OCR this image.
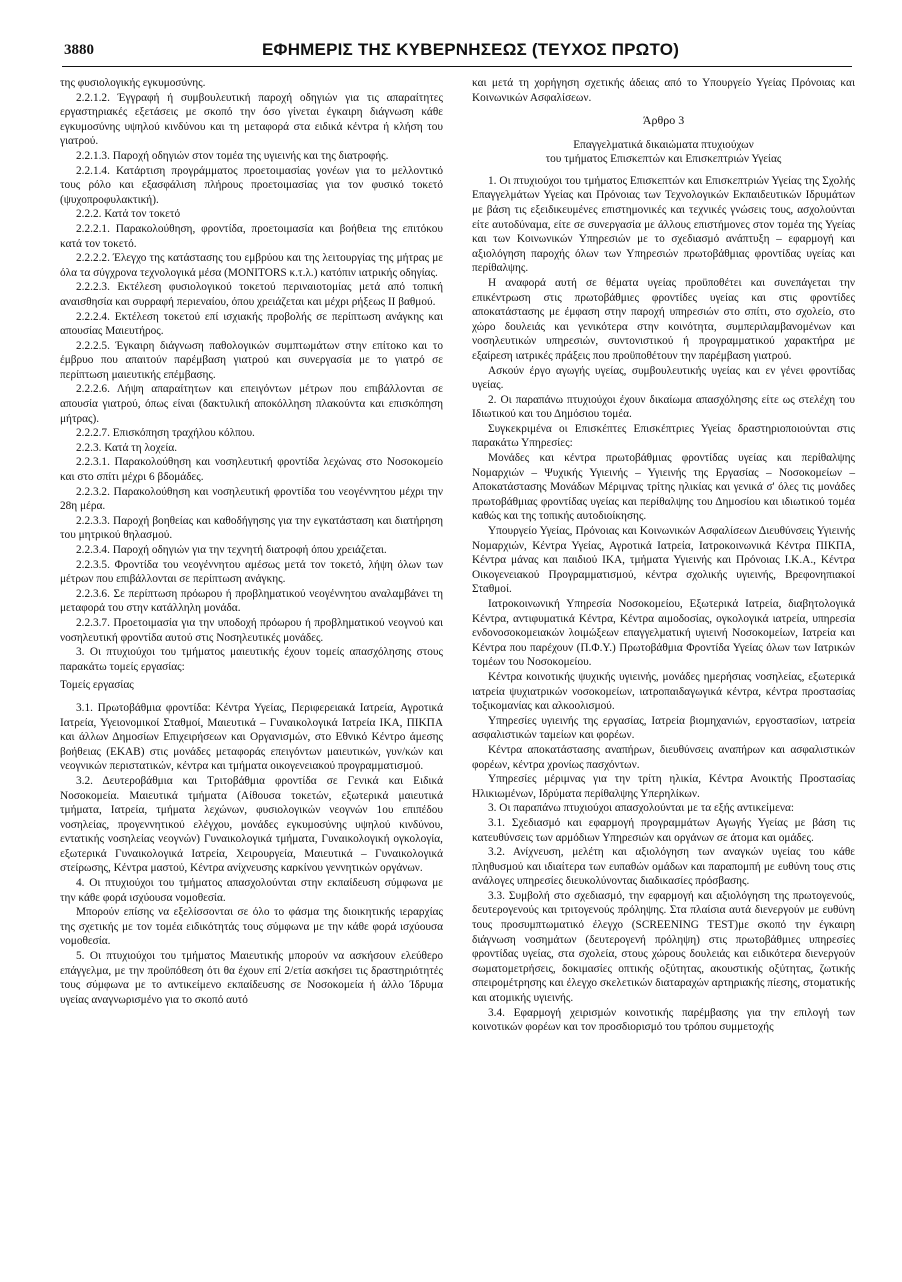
3880	ΕΦΗΜΕΡΙΣ ΤΗΣ ΚΥΒΕΡΝΗΣΕΩΣ (ΤΕΥΧΟΣ ΠΡΩΤΟ)

της φυσιολογικής εγκυμοσύνης.

2.2.1.2. Έγγραφή ή συμβουλευτική παροχή οδηγιών για τις απαραίτητες εργαστηριακές εξετάσεις με σκοπό την όσο γίνεται έγκαιρη διάγνωση κάθε εγκυμοσύνης υψηλού κινδύνου και τη μεταφορά στα ειδικά κέντρα ή κλήση του γιατρού.

2.2.1.3. Παροχή οδηγιών στον τομέα της υγιεινής και της διατροφής.

2.2.1.4. Κατάρτιση προγράμματος προετοιμασίας γονέων για το μελλοντικό τους ρόλο και εξασφάλιση πλήρους προετοιμασίας για τον φυσικό τοκετό (ψυχοπροφυλακτική).

2.2.2. Κατά τον τοκετό

2.2.2.1. Παρακολούθηση, φροντίδα, προετοιμασία και βοήθεια της επιτόκου κατά τον τοκετό.

2.2.2.2. Έλεγχο της κατάστασης του εμβρύου και της λειτουργίας της μήτρας με όλα τα σύγχρονα τεχνολογικά μέσα (MONITORS κ.τ.λ.) κατόπιν ιατρικής οδηγίας.

2.2.2.3. Εκτέλεση φυσιολογικού τοκετού περιναιοτομίας μετά από τοπική αναισθησία και συρραφή περιεναίου, όπου χρειάζεται και μέχρι ρήξεως ΙΙ βαθμού.

2.2.2.4. Εκτέλεση τοκετού επί ισχιακής προβολής σε περίπτωση ανάγκης και απουσίας Μαιευτήρος.

2.2.2.5. Έγκαιρη διάγνωση παθολογικών συμπτωμάτων στην επίτοκο και το έμβρυο που απαιτούν παρέμβαση γιατρού και συνεργασία με το γιατρό σε περίπτωση μαιευτικής επέμβασης.

2.2.2.6. Λήψη απαραίτητων και επειγόντων μέτρων που επιβάλλονται σε απουσία γιατρού, όπως είναι (δακτυλική αποκόλληση πλακούντα και επισκόπηση μήτρας).

2.2.2.7. Επισκόπηση τραχήλου κόλπου.

2.2.3. Κατά τη λοχεία.

2.2.3.1. Παρακολούθηση και νοσηλευτική φροντίδα λεχώνας στο Νοσοκομείο και στο σπίτι μέχρι 6 βδομάδες.

2.2.3.2. Παρακολούθηση και νοσηλευτική φροντίδα του νεογέννητου μέχρι την 28η μέρα.

2.2.3.3. Παροχή βοηθείας και καθοδήγησης για την εγκατάσταση και διατήρηση του μητρικού θηλασμού.

2.2.3.4. Παροχή οδηγιών για την τεχνητή διατροφή όπου χρειάζεται.

2.2.3.5. Φροντίδα του νεογέννητου αμέσως μετά τον τοκετό, λήψη όλων των μέτρων που επιβάλλονται σε περίπτωση ανάγκης.

2.2.3.6. Σε περίπτωση πρόωρου ή προβληματικού νεογέννητου αναλαμβάνει τη μεταφορά του στην κατάλληλη μονάδα.

2.2.3.7. Προετοιμασία για την υποδοχή πρόωρου ή προβληματικού νεογνού και νοσηλευτική φροντίδα αυτού στις Νοσηλευτικές μονάδες.

3. Οι πτυχιούχοι του τμήματος μαιευτικής έχουν τομείς απασχόλησης στους παρακάτω τομείς εργασίας:

Τομείς εργασίας

3.1. Πρωτοβάθμια φροντίδα: Κέντρα Υγείας, Περιφερειακά Ιατρεία, Αγροτικά Ιατρεία, Υγειονομικοί Σταθμοί, Μαιευτικά – Γυναικολογικά Ιατρεία ΙΚΑ, ΠΙΚΠΑ και άλλων Δημοσίων Επιχειρήσεων και Οργανισμών, στο Εθνικό Κέντρο άμεσης βοήθειας (ΕΚΑΒ) στις μονάδες μεταφοράς επειγόντων μαιευτικών, γυν/κών και νεογνικών περιστατικών, κέντρα και τμήματα οικογενειακού προγραμματισμού.

3.2. Δευτεροβάθμια και Τριτοβάθμια φροντίδα σε Γενικά και Ειδικά Νοσοκομεία. Μαιευτικά τμήματα (Αίθουσα τοκετών, εξωτερικά μαιευτικά τμήματα, Ιατρεία, τμήματα λεχώνων, φυσιολογικών νεογνών 1ου επιπέδου νοσηλείας, προγεννητικού ελέγχου, μονάδες εγκυμοσύνης υψηλού κινδύνου, εντατικής νοσηλείας νεογνών) Γυναικολογικά τμήματα, Γυναικολογική ογκολογία, εξωτερικά Γυναικολογικά Ιατρεία, Χειρουργεία, Μαιευτικά – Γυναικολογικά στείρωσης, Κέντρα μαστού, Κέντρα ανίχνευσης καρκίνου γεννητικών οργάνων.

4. Οι πτυχιούχοι του τμήματος απασχολούνται στην εκπαίδευση σύμφωνα με την κάθε φορά ισχύουσα νομοθεσία.

Μπορούν επίσης να εξελίσσονται σε όλο το φάσμα της διοικητικής ιεραρχίας της σχετικής με τον τομέα ειδικότητάς τους σύμφωνα με την κάθε φορά ισχύουσα νομοθεσία.

5. Οι πτυχιούχοι του τμήματος Μαιευτικής μπορούν να ασκήσουν ελεύθερο επάγγελμα, με την προϋπόθεση ότι θα έχουν επί 2/ετία ασκήσει τις δραστηριότητές τους σύμφωνα με το αντικείμενο εκπαίδευσης σε Νοσοκομεία ή άλλο Ίδρυμα υγείας αναγνωρισμένο για το σκοπό αυτό

και μετά τη χορήγηση σχετικής άδειας από το Υπουργείο Υγείας Πρόνοιας και Κοινωνικών Ασφαλίσεων.

Άρθρο 3

Επαγγελματικά δικαιώματα πτυχιούχων
του τμήματος Επισκεπτών και Επισκεπτριών Υγείας

1. Οι πτυχιούχοι του τμήματος Επισκεπτών και Επισκεπτριών Υγείας της Σχολής Επαγγελμάτων Υγείας και Πρόνοιας των Τεχνολογικών Εκπαιδευτικών Ιδρυμάτων με βάση τις εξειδικευμένες επιστημονικές και τεχνικές γνώσεις τους, ασχολούνται είτε αυτοδύναμα, είτε σε συνεργασία με άλλους επιστήμονες στον τομέα της Υγείας και των Κοινωνικών Υπηρεσιών με το σχεδιασμό ανάπτυξη – εφαρμογή και αξιολόγηση παροχής όλων των Υπηρεσιών πρωτοβάθμιας φροντίδας υγείας και περίθαλψης.

Η αναφορά αυτή σε θέματα υγείας προϋποθέτει και συνεπάγεται την επικέντρωση στις πρωτοβάθμιες φροντίδες υγείας και στις φροντίδες αποκατάστασης με έμφαση στην παροχή υπηρεσιών στο σπίτι, στο σχολείο, στο χώρο δουλειάς και γενικότερα στην κοινότητα, συμπεριλαμβανομένων και νοσηλευτικών υπηρεσιών, συντονιστικού ή προγραμματικού χαρακτήρα με εξαίρεση ιατρικές πράξεις που προϋποθέτουν την παρέμβαση γιατρού.

Ασκούν έργο αγωγής υγείας, συμβουλευτικής υγείας και εν γένει φροντίδας υγείας.

2. Οι παραπάνω πτυχιούχοι έχουν δικαίωμα απασχόλησης είτε ως στελέχη του Ιδιωτικού και του Δημόσιου τομέα.

Συγκεκριμένα οι Επισκέπτες Επισκέπτριες Υγείας δραστηριοποιούνται στις παρακάτω Υπηρεσίες:

Μονάδες και κέντρα πρωτοβάθμιας φροντίδας υγείας και περίθαλψης Νομαρχιών – Ψυχικής Υγιεινής – Υγιεινής της Εργασίας – Νοσοκομείων – Αποκατάστασης Μονάδων Μέριμνας τρίτης ηλικίας και γενικά σ' όλες τις μονάδες πρωτοβάθμιας φροντίδας υγείας και περίθαλψης του Δημοσίου και ιδιωτικού τομέα καθώς και της τοπικής αυτοδιοίκησης.

Υπουργείο Υγείας, Πρόνοιας και Κοινωνικών Ασφαλίσεων Διευθύνσεις Υγιεινής Νομαρχιών, Κέντρα Υγείας, Αγροτικά Ιατρεία, Ιατροκοινωνικά Κέντρα ΠΙΚΠΑ, Κέντρα μάνας και παιδιού ΙΚΑ, τμήματα Υγιεινής και Πρόνοιας Ι.Κ.Α., Κέντρα Οικογενειακού Προγραμματισμού, κέντρα σχολικής υγιεινής, Βρεφονηπιακοί Σταθμοί.

Ιατροκοινωνική Υπηρεσία Νοσοκομείου, Εξωτερικά Ιατρεία, διαβητολογικά Κέντρα, αντιφυματικά Κέντρα, Κέντρα αιμοδοσίας, ογκολογικά ιατρεία, υπηρεσία ενδονοσοκομειακών λοιμώξεων επαγγελματική υγιεινή Νοσοκομείων, Ιατρεία και Κέντρα που παρέχουν (Π.Φ.Υ.) Πρωτοβάθμια Φροντίδα Υγείας όλων των Ιατρικών τομέων του Νοσοκομείου.

Κέντρα κοινοτικής ψυχικής υγιεινής, μονάδες ημερήσιας νοσηλείας, εξωτερικά ιατρεία ψυχιατρικών νοσοκομείων, ιατροπαιδαγωγικά κέντρα, κέντρα προστασίας τοξικομανίας και αλκοολισμού.

Υπηρεσίες υγιεινής της εργασίας, Ιατρεία βιομηχανιών, εργοστασίων, ιατρεία ασφαλιστικών ταμείων και φορέων.

Κέντρα αποκατάστασης αναπήρων, διευθύνσεις αναπήρων και ασφαλιστικών φορέων, κέντρα χρονίως πασχόντων.

Υπηρεσίες μέριμνας για την τρίτη ηλικία, Κέντρα Ανοικτής Προστασίας Ηλικιωμένων, Ιδρύματα περίθαλψης Υπερηλίκων.

3. Οι παραπάνω πτυχιούχοι απασχολούνται με τα εξής αντικείμενα:

3.1. Σχεδιασμό και εφαρμογή προγραμμάτων Αγωγής Υγείας με βάση τις κατευθύνσεις των αρμόδιων Υπηρεσιών και οργάνων σε άτομα και ομάδες.

3.2. Ανίχνευση, μελέτη και αξιολόγηση των αναγκών υγείας του κάθε πληθυσμού και ιδιαίτερα των ευπαθών ομάδων και παραπομπή με ευθύνη τους στις ανάλογες υπηρεσίες διευκολύνοντας διαδικασίες πρόσβασης.

3.3. Συμβολή στο σχεδιασμό, την εφαρμογή και αξιολόγηση της πρωτογενούς, δευτερογενούς και τριτογενούς πρόληψης. Στα πλαίσια αυτά διενεργούν με ευθύνη τους προσυμπτωματικό έλεγχο (SCREENING TEST)με σκοπό την έγκαιρη διάγνωση νοσημάτων (δευτερογενή πρόληψη) στις πρωτοβάθμιες υπηρεσίες φροντίδας υγείας, στα σχολεία, στους χώρους δουλειάς και ειδικότερα διενεργούν σωματομετρήσεις, δοκιμασίες οπτικής οξύτητας, ακουστικής οξύτητας, ζωτικής σπειρομέτρησης και έλεγχο σκελετικών διαταραχών αρτηριακής πίεσης, στοματικής και ατομικής υγιεινής.

3.4. Εφαρμογή χειρισμών κοινοτικής παρέμβασης για την επιλογή των κοινοτικών φορέων και τον προσδιορισμό του τρόπου συμμετοχής
